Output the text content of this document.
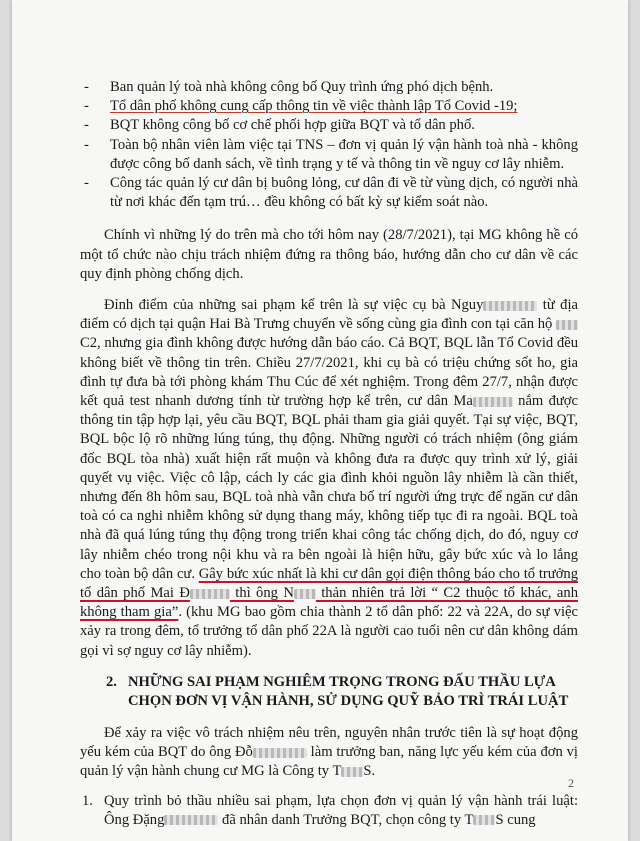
- Ban quản lý toà nhà không công bố Quy trình ứng phó dịch bệnh.
- Tổ dân phố không cung cấp thông tin về việc thành lập Tổ Covid -19;
- BQT không công bố cơ chế phối hợp giữa BQT và tổ dân phố.
- Toàn bộ nhân viên làm việc tại TNS – đơn vị quản lý vận hành toà nhà - không được công bố danh sách, về tình trạng y tế và thông tin về nguy cơ lây nhiễm.
- Công tác quản lý cư dân bị buông lỏng, cư dân đi về từ vùng dịch, có người nhà từ nơi khác đến tạm trú… đều không có bất kỳ sự kiểm soát nào.

Chính vì những lý do trên mà cho tới hôm nay (28/7/2021), tại MG không hề có một tổ chức nào chịu trách nhiệm đứng ra thông báo, hướng dẫn cho cư dân về các quy định phòng chống dịch.

Đỉnh điểm của những sai phạm kể trên là sự việc cụ bà Nguy	từ địa điểm có dịch tại quận Hai Bà Trưng chuyển về sống cùng gia đình con tại căn hộ C2, nhưng gia đình không được hướng dẫn báo cáo. Cả BQT, BQL lẫn Tổ Covid đều không biết về thông tin trên. Chiều 27/7/2021, khi cụ bà có triệu chứng sốt ho, gia đình tự đưa bà tới phòng khám Thu Cúc để xét nghiệm. Trong đêm 27/7, nhận được kết quả test nhanh dương tính từ trường hợp kể trên, cư dân Ma	nắm được thông tin tập hợp lại, yêu cầu BQT, BQL phải tham gia giải quyết. Tại sự việc, BQT, BQL bộc lộ rõ những lúng túng, thụ động. Những người có trách nhiệm (ông giám đốc BQL tòa nhà) xuất hiện rất muộn và không đưa ra được quy trình xử lý, giải quyết vụ việc. Việc cô lập, cách ly các gia đình khỏi nguồn lây nhiễm là cần thiết, nhưng đến 8h hôm sau, BQL toà nhà vẫn chưa bố trí người ứng trực để ngăn cư dân toà có ca nghi nhiễm không sử dụng thang máy, không tiếp tục đi ra ngoài. BQL toà nhà đã quá lúng túng thụ động trong triển khai công tác chống dịch, do đó, nguy cơ lây nhiễm chéo trong nội khu và ra bên ngoài là hiện hữu, gây bức xúc và lo lắng cho toàn bộ dân cư. Gây bức xúc nhất là khi cư dân gọi điện thông báo cho tổ trưởng tổ dân phố Mai Đ	thì ông N thản nhiên trả lời “ C2 thuộc tổ khác, anh không tham gia”. (khu MG bao gồm chia thành 2 tổ dân phố: 22 và 22A, do sự việc xảy ra trong đêm, tổ trưởng tổ dân phố 22A là người cao tuổi nên cư dân không dám gọi vì sợ nguy cơ lây nhiễm).

2. NHỮNG SAI PHẠM NGHIÊM TRỌNG TRONG ĐẤU THẦU LỰA CHỌN ĐƠN VỊ VẬN HÀNH, SỬ DỤNG QUỸ BẢO TRÌ TRÁI LUẬT

Để xảy ra việc vô trách nhiệm nêu trên, nguyên nhân trước tiên là sự hoạt động yếu kém của BQT do ông Đỗ	làm trưởng ban, năng lực yếu kém của đơn vị quản lý vận hành chung cư MG là Công ty T S.

1. Quy trình bỏ thầu nhiều sai phạm, lựa chọn đơn vị quản lý vận hành trái luật: Ông Đặng	đã nhân danh Trưởng BQT, chọn công ty T S cung
2
